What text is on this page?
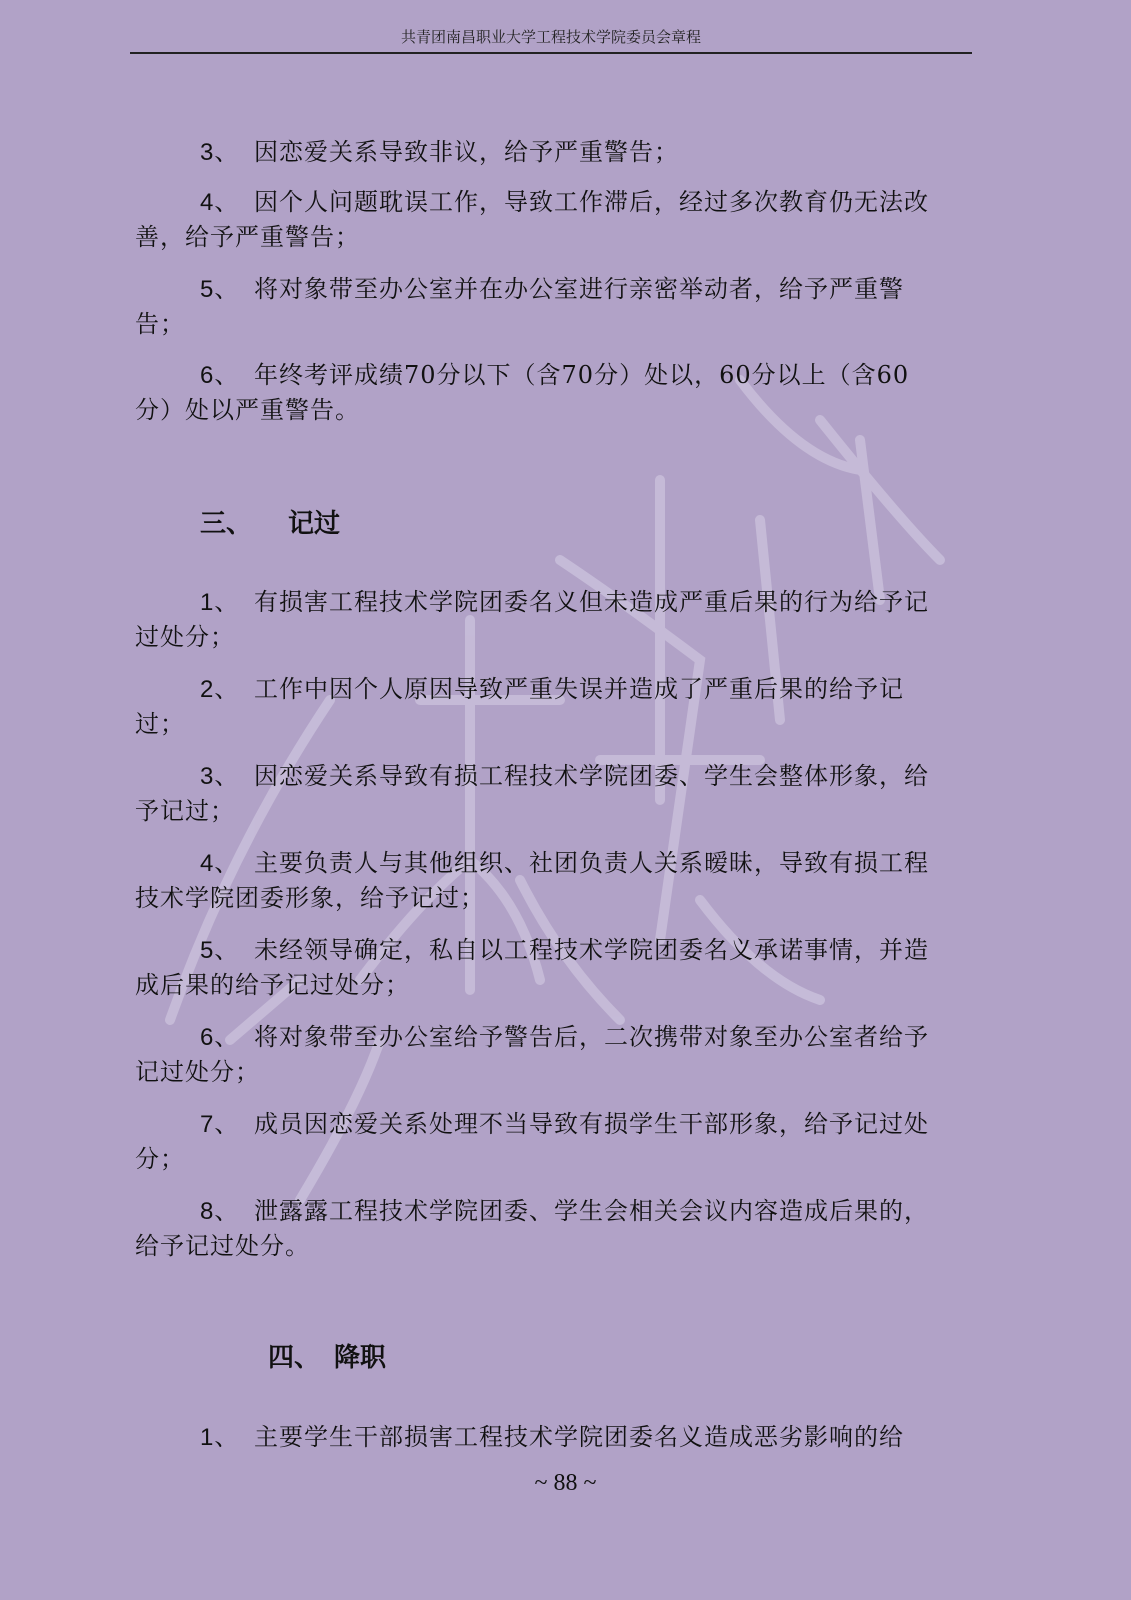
共青团南昌职业大学工程技术学院委员会章程
3、 因恋爱关系导致非议，给予严重警告；
4、 因个人问题耽误工作，导致工作滞后，经过多次教育仍无法改善，给予严重警告；
5、 将对象带至办公室并在办公室进行亲密举动者，给予严重警告；
6、 年终考评成绩70分以下（含70分）处以，60分以上（含60分）处以严重警告。
三、 记过
1、 有损害工程技术学院团委名义但未造成严重后果的行为给予记过处分；
2、 工作中因个人原因导致严重失误并造成了严重后果的给予记过；
3、 因恋爱关系导致有损工程技术学院团委、学生会整体形象，给予记过；
4、 主要负责人与其他组织、社团负责人关系暧昧，导致有损工程技术学院团委形象，给予记过；
5、 未经领导确定，私自以工程技术学院团委名义承诺事情，并造成后果的给予记过处分；
6、 将对象带至办公室给予警告后，二次携带对象至办公室者给予记过处分；
7、 成员因恋爱关系处理不当导致有损学生干部形象，给予记过处分；
8、 泄露露工程技术学院团委、学生会相关会议内容造成后果的，给予记过处分。
四、 降职
1、 主要学生干部损害工程技术学院团委名义造成恶劣影响的给
~ 88 ~
